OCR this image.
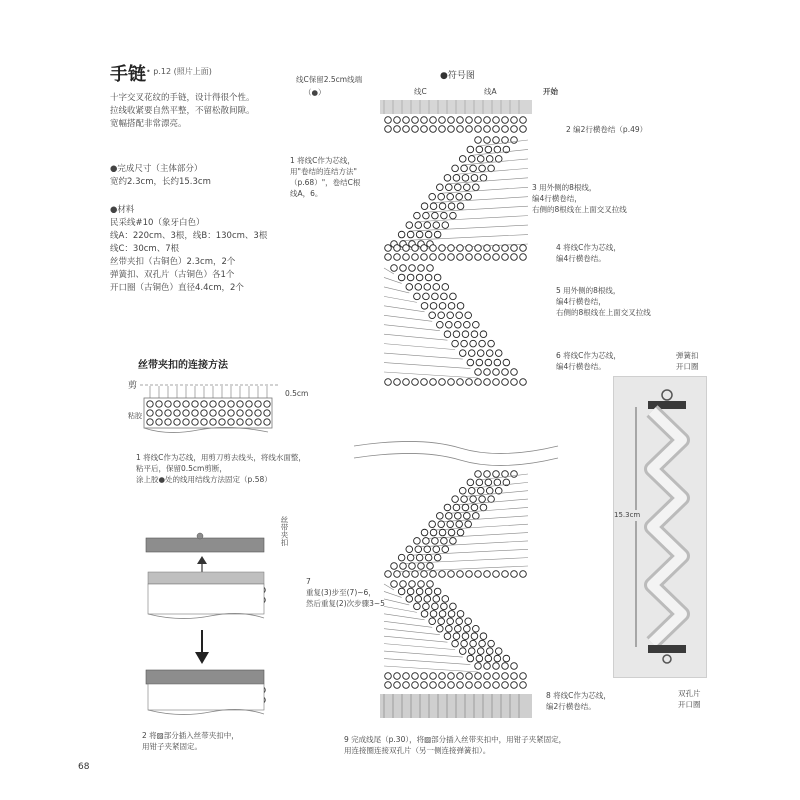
手链 • p.12 (照片上面)
十字交叉花纹的手链，设计得很个性。
拉线收紧要自然平整，不留松散间隙。
宽幅搭配非常漂亮。
●完成尺寸（主体部分）
宽约2.3cm，长约15.3cm
●材料
民采线#10（象牙白色）
线A：220cm、3根，线B：130cm、3根
线C：30cm、7根
丝带夹扣（古铜色）2.3cm，2个
弹簧扣、双孔片（古铜色）各1个
开口圈（古铜色）直径4.4cm，2个
丝带夹扣的连接方法
剪
粘胶
0.5cm
1 将线C作为芯线，用剪刀剪去线头，将线水面整，
粘平后，保留0.5cm剪断，
涂上胶●处的线用结线方法固定（p.58）
丝带夹扣
2 将▨部分插入丝带夹扣中，
用钳子夹紧固定。
●符号图
线C保留2.5cm线端
（●）	线C	线A	开始
2 编2行横卷结（p.49）
1 将线C作为芯线，
用"卷结的连结方法"
（p.68）"，卷结C根
线A，6。
3 用外侧的8根线，
编4行横卷结，
右侧的8根线在上面交叉拉线
4 将线C作为芯线，
编4行横卷结。
5 用外侧的8根线，
编4行横卷结，
右侧的8根线在上面交叉拉线
6 将线C作为芯线，
编4行横卷结。
7
重复(3)步至(7)~6，
然后重复(2)次步骤3~5
8 将线C作为芯线，
编2行横卷结。
9 完成线尾（p.30），将▨部分插入丝带夹扣中，用钳子夹紧固定，
用连接圈连接双孔片（另一侧连接弹簧扣）。
弹簧扣
开口圈
15.3cm
双孔片
开口圈
68
